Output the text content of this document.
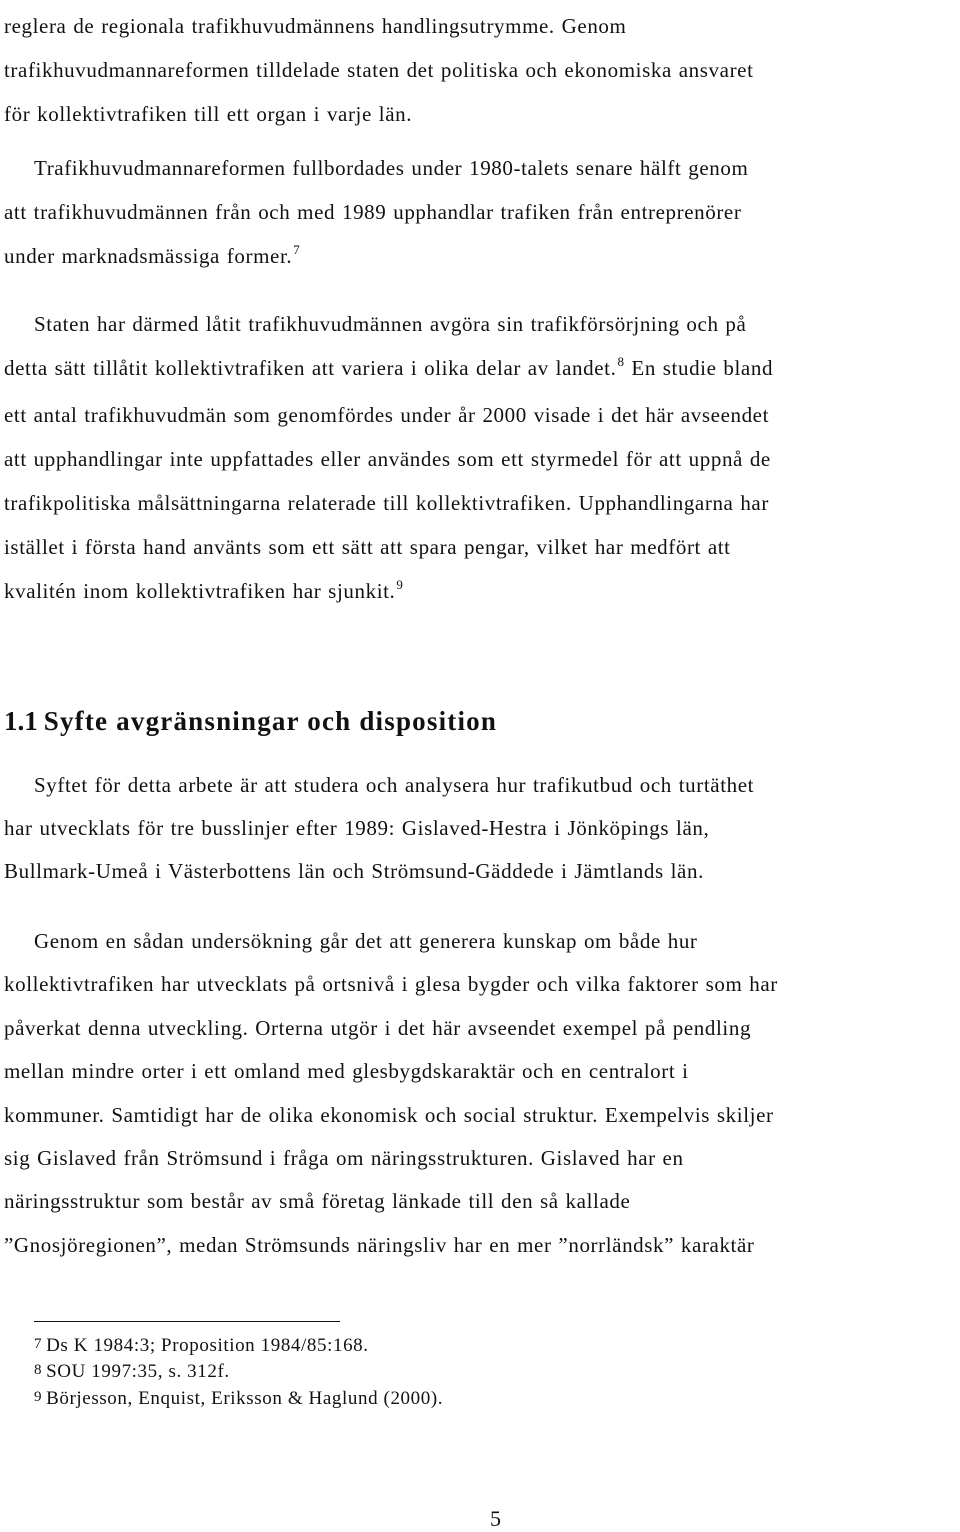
reglera de regionala trafikhuvudmännens handlingsutrymme. Genom
trafikhuvudmannareformen tilldelade staten det politiska och ekonomiska ansvaret
för kollektivtrafiken till ett organ i varje län.
Trafikhuvudmannareformen fullbordades under 1980-talets senare hälft genom
att trafikhuvudmännen från och med 1989 upphandlar trafiken från entreprenörer
under marknadsmässiga former.$^7$
Staten har därmed låtit trafikhuvudmännen avgöra sin trafikförsörjning och på
detta sätt tillåtit kollektivtrafiken att variera i olika delar av landet.$^8$ En studie bland
ett antal trafikhuvudmän som genomfördes under år 2000 visade i det här avseendet
att upphandlingar inte uppfattades eller användes som ett styrmedel för att uppnå de
trafikpolitiska målsättningarna relaterade till kollektivtrafiken. Upphandlingarna har
istället i första hand använts som ett sätt att spara pengar, vilket har medfört att
kvalitén inom kollektivtrafiken har sjunkit.$^9$
1.1 Syfte avgränsningar och disposition
Syftet för detta arbete är att studera och analysera hur trafikutbud och turtäthet
har utvecklats för tre busslinjer efter 1989: Gislaved-Hestra i Jönköpings län,
Bullmark-Umeå i Västerbottens län och Strömsund-Gäddede i Jämtlands län.
Genom en sådan undersökning går det att generera kunskap om både hur
kollektivtrafiken har utvecklats på ortsnivå i glesa bygder och vilka faktorer som har
påverkat denna utveckling. Orterna utgör i det här avseendet exempel på pendling
mellan mindre orter i ett omland med glesbygdskaraktär och en centralort i
kommuner. Samtidigt har de olika ekonomisk och social struktur. Exempelvis skiljer
sig Gislaved från Strömsund i fråga om näringsstrukturen. Gislaved har en
näringsstruktur som består av små företag länkade till den så kallade
”Gnosjöregionen”, medan Strömsunds näringsliv har en mer ”norrländsk” karaktär
7 Ds K 1984:3; Proposition 1984/85:168.
8 SOU 1997:35, s. 312f.
9 Börjesson, Enquist, Eriksson & Haglund (2000).
5
